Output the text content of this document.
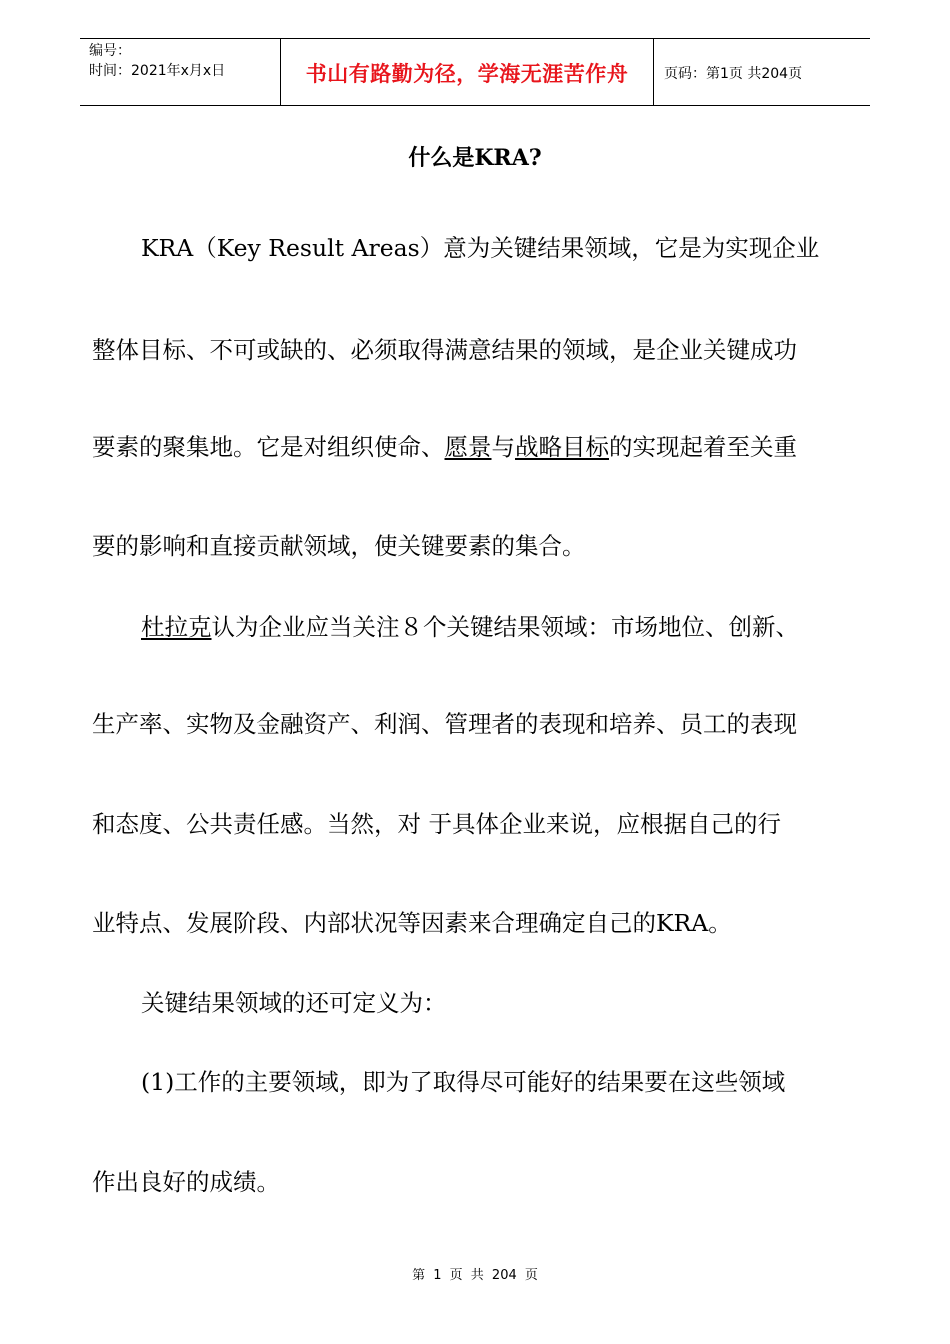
编号：
时间：2021年x月x日	书山有路勤为径，学海无涯苦作舟	页码：第1页 共204页
什么是KRA?
KRA（Key Result Areas）意为关键结果领域，它是为实现企业
整体目标、不可或缺的、必须取得满意结果的领域，是企业关键成功
要素的聚集地。它是对组织使命、愿景与战略目标的实现起着至关重
要的影响和直接贡献领域，使关键要素的集合。
杜拉克认为企业应当关注８个关键结果领域：市场地位、创新、
生产率、实物及金融资产、利润、管理者的表现和培养、员工的表现
和态度、公共责任感。当然，对 于具体企业来说，应根据自己的行
业特点、发展阶段、内部状况等因素来合理确定自己的KRA。
关键结果领域的还可定义为：
(1)工作的主要领域，即为了取得尽可能好的结果要在这些领域
作出良好的成绩。
第 1 页 共 204 页
